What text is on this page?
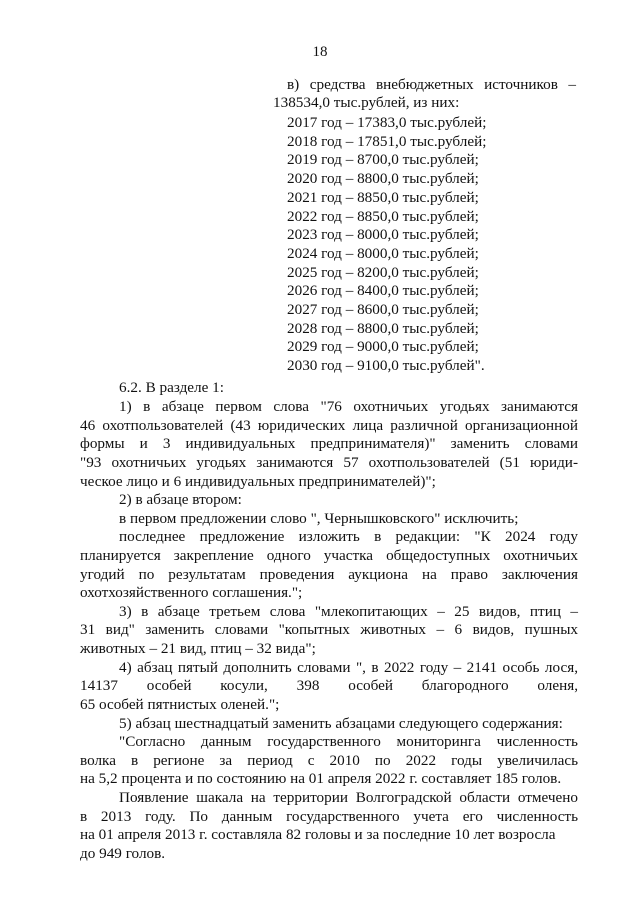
18
в) средства внебюджетных источников –
138534,0 тыс.рублей, из них:
2017 год – 17383,0 тыс.рублей;
2018 год – 17851,0 тыс.рублей;
2019 год – 8700,0 тыс.рублей;
2020 год – 8800,0 тыс.рублей;
2021 год – 8850,0 тыс.рублей;
2022 год – 8850,0 тыс.рублей;
2023 год – 8000,0 тыс.рублей;
2024 год – 8000,0 тыс.рублей;
2025 год – 8200,0 тыс.рублей;
2026 год – 8400,0 тыс.рублей;
2027 год – 8600,0 тыс.рублей;
2028 год – 8800,0 тыс.рублей;
2029 год – 9000,0 тыс.рублей;
2030 год – 9100,0 тыс.рублей".
6.2. В разделе 1:
1) в абзаце первом слова "76 охотничьих угодьях занимаются
46 охотпользователей (43 юридических лица различной организационной
формы и 3 индивидуальных предпринимателя)" заменить словами
"93 охотничьих угодьях занимаются 57 охотпользователей (51 юриди-
ческое лицо и 6 индивидуальных предпринимателей)";
2) в абзаце втором:
в первом предложении слово ", Чернышковского" исключить;
последнее предложение изложить в редакции: "К 2024 году
планируется закрепление одного участка общедоступных охотничьих
угодий по результатам проведения аукциона на право заключения
охотхозяйственного соглашения.";
3) в абзаце третьем слова "млекопитающих – 25 видов, птиц –
31 вид" заменить словами "копытных животных – 6 видов, пушных
животных – 21 вид, птиц – 32 вида";
4) абзац пятый дополнить словами ", в 2022 году – 2141 особь лося,
14137 особей косули, 398 особей благородного оленя,
65 особей пятнистых оленей.";
5) абзац шестнадцатый заменить абзацами следующего содержания:
"Согласно данным государственного мониторинга численность
волка в регионе за период с 2010 по 2022 годы увеличилась
на 5,2 процента и по состоянию на 01 апреля 2022 г. составляет 185 голов.
Появление шакала на территории Волгоградской области отмечено
в 2013 году. По данным государственного учета его численность
на 01 апреля 2013 г. составляла 82 головы и за последние 10 лет возросла
до 949 голов.
